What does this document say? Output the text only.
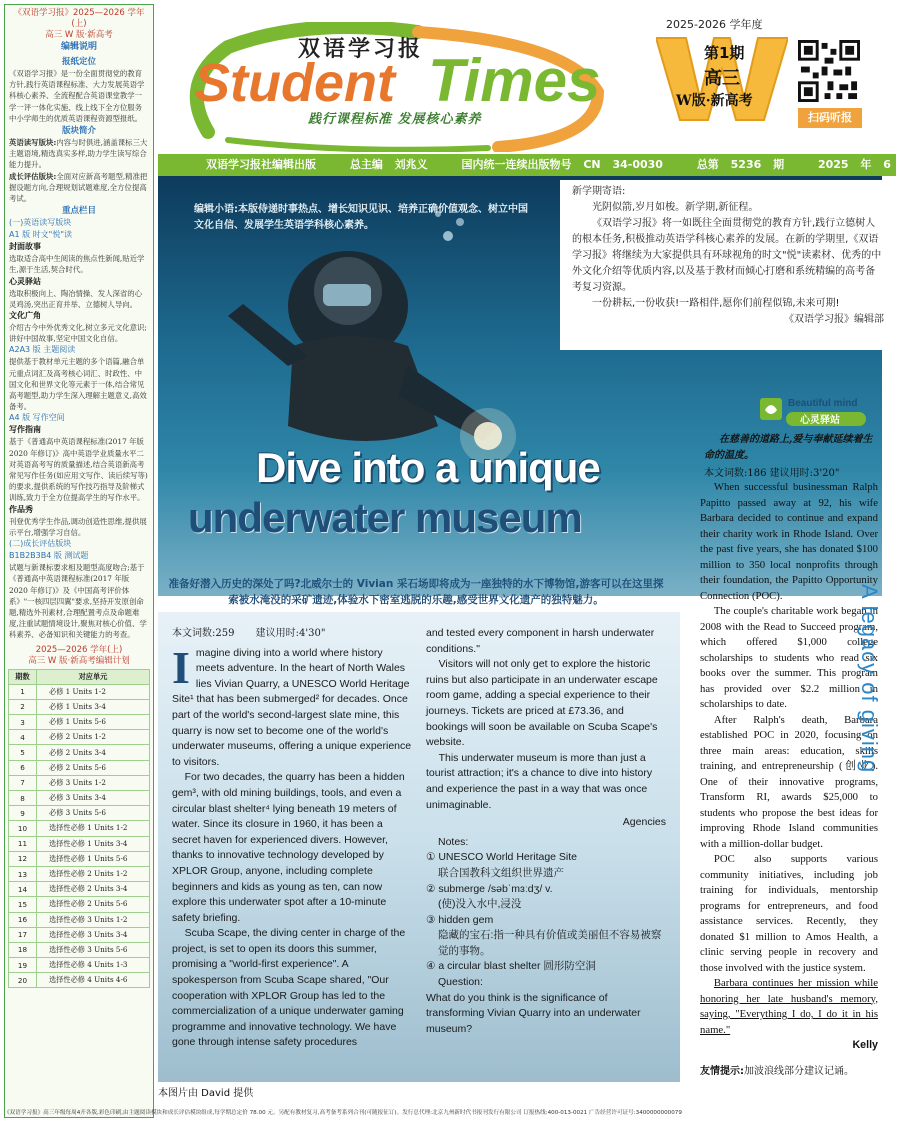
《双语学习报》2025—2026 学年(上)
高三 W 版·新高考
编辑说明
报纸定位
《双语学习报》是一份全面贯彻党的教育方针,践行英语课程标准、大力发展英语学科核心素养、全流程配合英语课堂教学一学一评一体化实施、线上线下全方位服务中小学师生的优质英语课程资源型报纸。
版块简介
英语读写版块:内容与时俱进,涵盖课标三大主题语境,精选真实多样,助力学生读写综合能力提升。
成长评估版块:全面对应新高考题型,精准把握设题方向,合理规划试题难度,全方位提高考试。
重点栏目
(一)英语读写版块
A1 版 时文"悦"读
封面故事
选取适合高中生阅读的焦点性新闻,贴近学生,源于生活,契合时代。
心灵驿站
选取积极向上、陶冶情操、发人深省的心灵鸡汤,突出正育并举、立德树人导向。
文化广角
介绍古今中外优秀文化,树立多元文化意识;讲好中国故事,坚定中国文化自信。
A2A3 版 主题阅读
提供基于教材单元主题的多个语篇,融合单元重点词汇及高考核心词汇、时政性、中国文化和世界文化等元素于一体,结合常见高考题型,助力学生深入理解主题意义,高效备考。
A4 版 写作空间
写作指南
基于《普通高中英语课程标准(2017 年版 2020 年修订)》高中英语学业质量水平二对英语高考写的质量描述,结合英语新高考常见写作任务(如应用文写作、读后续写等)的要求,提供系统的写作技巧指导及阶梯式训练,致力于全方位提高学生的写作水平。
作品秀
刊登优秀学生作品,调动创造性思维,提供展示平台,增强学习自信。
(二)成长评估版块
B1B2B3B4 版 测试题
试题与新课标要求相及题型高度吻合;基于《普通高中英语课程标准(2017 年版 2020 年修订)》及《中国高考评价体系》"一核四层四翼"要求,坚持开发原创命题,精选外刊素材,合理配置考点及命题难度,注重试题情境设计,聚焦对核心价值、学科素养、必备知识和关键能力的考查。
2025—2026 学年(上)
高三 W 版·新高考编辑计划
期数	对应单元
1	必修 1 Units 1-2
2	必修 1 Units 3-4
3	必修 1 Units 5-6
4	必修 2 Units 1-2
5	必修 2 Units 3-4
6	必修 2 Units 5-6
7	必修 3 Units 1-2
8	必修 3 Units 3-4
9	必修 3 Units 5-6
10	选择性必修 1 Units 1-2
11	选择性必修 1 Units 3-4
12	选择性必修 1 Units 5-6
13	选择性必修 2 Units 1-2
14	选择性必修 2 Units 3-4
15	选择性必修 2 Units 5-6
16	选择性必修 3 Units 1-2
17	选择性必修 3 Units 3-4
18	选择性必修 3 Units 5-6
19	选择性必修 4 Units 1-3
20	选择性必修 4 Units 4-6
双语学习报
Student Times
践行课程标准 发展核心素养
2025-2026 学年度
第1期
高三
W版·新高考
扫码听报
双语学习报社编辑出版	总主编 刘兆义	国内统一连续出版物号 CN 34-0030	总第 5236 期	2025 年 6
编辑小语:本版侍递时事热点、增长知识见识、培养正确价值观念、树立中国文化自信、发展学生英语学科核心素养。
Dive into a unique
underwater museum
新学期寄语:
光阴似箭,岁月如梭。新学期,新征程。
《双语学习报》将一如既往全面贯彻党的教育方针,践行立德树人的根本任务,积极推动英语学科核心素养的发展。在新的学期里,《双语学习报》将继续为大家提供具有环球视角的时文"悦"读素材、优秀的中外文化介绍等优质内容,以及基于教材而倾心打磨和系统精编的高考备考复习资源。
一份耕耘,一份收获!一路相伴,愿你们前程似锦,未来可期!
《双语学习报》编辑部
准备好潜入历史的深处了吗?北威尔士的 Vivian 采石场即将成为一座独特的水下博物馆,游客可以在这里探索被水淹没的采矿遗迹,体验水下密室逃脱的乐趣,感受世界文化遗产的独特魅力。
本文词数:259 建议用时:4'30"
Imagine diving into a world where history meets adventure. In the heart of North Wales lies Vivian Quarry, a UNESCO World Heritage Site¹ that has been submerged² for decades. Once part of the world's second-largest slate mine, this quarry is now set to become one of the world's underwater museums, offering a unique experience to visitors.
For two decades, the quarry has been a hidden gem³, with old mining buildings, tools, and even a circular blast shelter⁴ lying beneath 19 meters of water. Since its closure in 1960, it has been a secret haven for experienced divers. However, thanks to innovative technology developed by XPLOR Group, anyone, including complete beginners and kids as young as ten, can now explore this underwater spot after a 10-minute safety briefing.
Scuba Scape, the diving center in charge of the project, is set to open its doors this summer, promising a "world-first experience". A spokesperson from Scuba Scape shared, "Our cooperation with XPLOR Group has led to the commercialization of a unique underwater gaming programme and innovative technology. We have gone through intense safety procedures
and tested every component in harsh underwater conditions."
Visitors will not only get to explore the historic ruins but also participate in an underwater escape room game, adding a special experience to their journeys. Tickets are priced at £73.36, and bookings will soon be available on Scuba Scape's website.
This underwater museum is more than just a tourist attraction; it's a chance to dive into history and experience the past in a way that was once unimaginable.
Agencies
Notes:
① UNESCO World Heritage Site
联合国教科文组织世界遗产
② submerge /səbˈmɜːdʒ/ v.
(使)没入水中,浸没
③ hidden gem
隐藏的宝石:指一种具有价值或美丽但不容易被察觉的事物。
④ a circular blast shelter 圆形防空洞
Question:
What do you think is the significance of transforming Vivian Quarry into an underwater museum?
本图片由 David 提供
Beautiful mind
心灵驿站
在慈善的道路上,爱与奉献延续着生命的温度。
本文词数:186 建议用时:3'20"
When successful businessman Ralph Papitto passed away at 92, his wife Barbara decided to continue and expand their charity work in Rhode Island. Over the past five years, she has donated $100 million to 350 local nonprofits through their foundation, the Papitto Opportunity Connection (POC).
The couple's charitable work began in 2008 with the Read to Succeed program, which offered $1,000 college scholarships to students who read six books over the summer. This program has provided over $2.2 million in scholarships to date.
After Ralph's death, Barbara established POC in 2020, focusing on three main areas: education, skills training, and entrepreneurship (创业). One of their innovative programs, Transform RI, awards $25,000 to students who propose the best ideas for improving Rhode Island communities with a million-dollar budget.
POC also supports various community initiatives, including job training for individuals, mentorship programs for entrepreneurs, and food assistance services. Recently, they donated $1 million to Amos Health, a clinic serving people in recovery and those involved with the justice system.
Barbara continues her mission while honoring her late husband's memory, saying, "Everything I do, I do it in his name."
Kelly
A legacy of giving
友情提示:加波浪线部分建议记诵。
《双语学习报》高三年级每周4开各版,彩色印刷,由主题阅读模块和成长评估模块组成,每学期总定价 78.00 元。另配有教材复习,高考备考系列合刊(可随报征订)。发行总代理:北京九州新时代书报刊发行有限公司 订报热线:400-013-0021 广告经营许可证号:3400000000079
